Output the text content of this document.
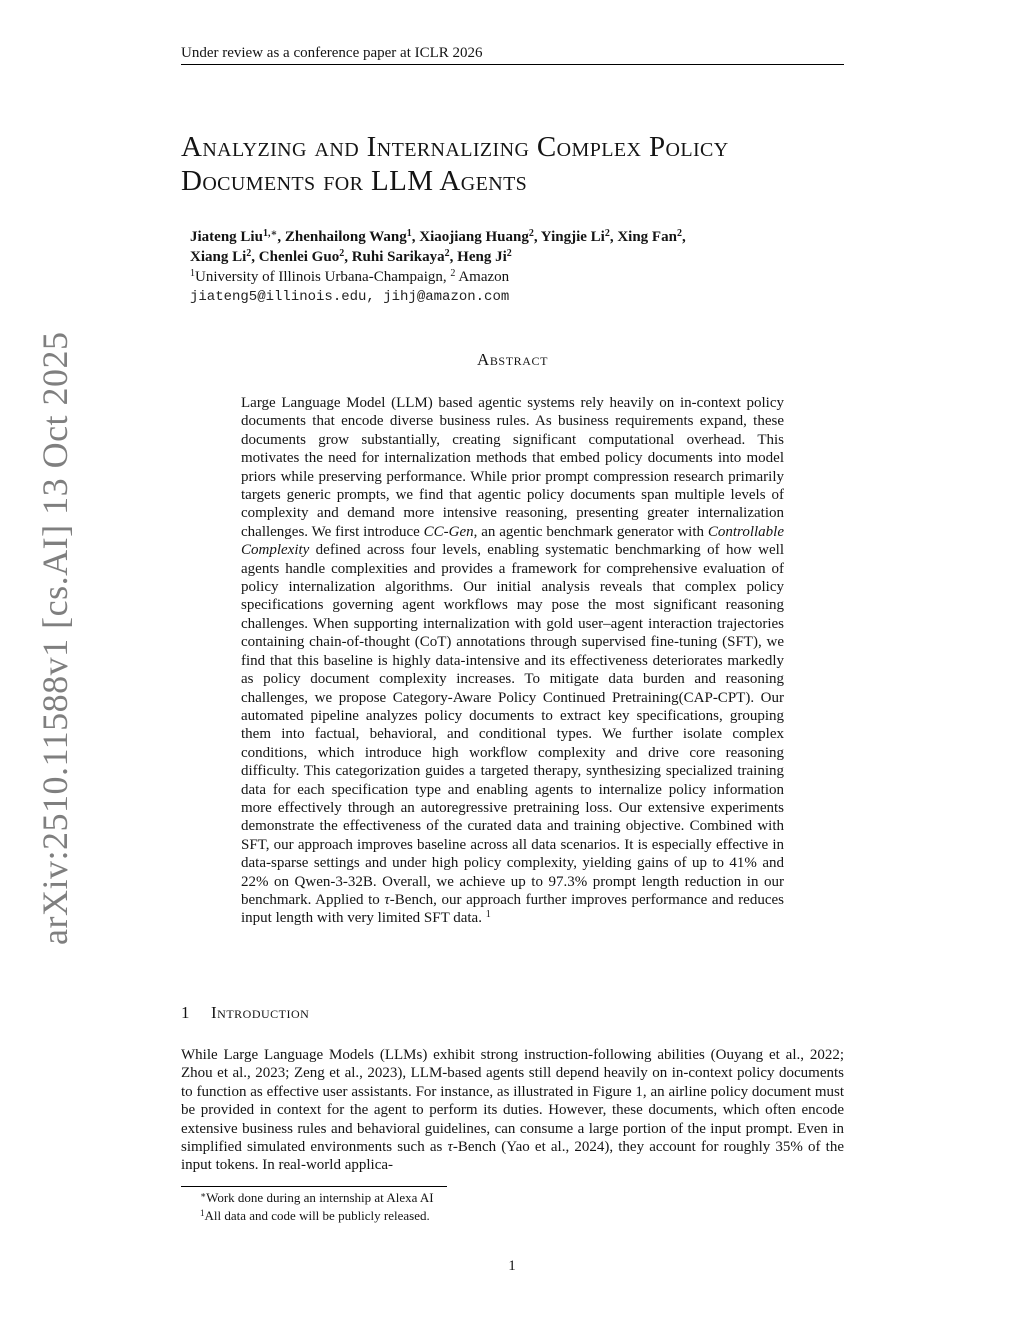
Under review as a conference paper at ICLR 2026
Analyzing and Internalizing Complex Policy
Documents for LLM Agents
Jiateng Liu$^{1,∗}$, Zhenhailong Wang$^1$, Xiaojiang Huang$^2$, Yingjie Li$^2$, Xing Fan$^2$,
Xiang Li$^2$, Chenlei Guo$^2$, Ruhi Sarikaya$^2$, Heng Ji$^2$
$^1$University of Illinois Urbana-Champaign, $^2$ Amazon
jiateng5@illinois.edu, jihj@amazon.com
Abstract
Large Language Model (LLM) based agentic systems rely heavily on in-context policy documents that encode diverse business rules. As business requirements expand, these documents grow substantially, creating significant computational overhead. This motivates the need for internalization methods that embed policy documents into model priors while preserving performance. While prior prompt compression research primarily targets generic prompts, we find that agentic policy documents span multiple levels of complexity and demand more intensive reasoning, presenting greater internalization challenges. We first introduce CC-Gen, an agentic benchmark generator with Controllable Complexity defined across four levels, enabling systematic benchmarking of how well agents handle complexities and provides a framework for comprehensive evaluation of policy internalization algorithms. Our initial analysis reveals that complex policy specifications governing agent workflows may pose the most significant reasoning challenges. When supporting internalization with gold user–agent interaction trajectories containing chain-of-thought (CoT) annotations through supervised fine-tuning (SFT), we find that this baseline is highly data-intensive and its effectiveness deteriorates markedly as policy document complexity increases. To mitigate data burden and reasoning challenges, we propose Category-Aware Policy Continued Pretraining(CAP-CPT). Our automated pipeline analyzes policy documents to extract key specifications, grouping them into factual, behavioral, and conditional types. We further isolate complex conditions, which introduce high workflow complexity and drive core reasoning difficulty. This categorization guides a targeted therapy, synthesizing specialized training data for each specification type and enabling agents to internalize policy information more effectively through an autoregressive pretraining loss. Our extensive experiments demonstrate the effectiveness of the curated data and training objective. Combined with SFT, our approach improves baseline across all data scenarios. It is especially effective in data-sparse settings and under high policy complexity, yielding gains of up to 41% and 22% on Qwen-3-32B. Overall, we achieve up to 97.3% prompt length reduction in our benchmark. Applied to τ-Bench, our approach further improves performance and reduces input length with very limited SFT data. $^1$
arXiv:2510.11588v1 [cs.AI] 13 Oct 2025
1 Introduction
While Large Language Models (LLMs) exhibit strong instruction-following abilities (Ouyang et al., 2022; Zhou et al., 2023; Zeng et al., 2023), LLM-based agents still depend heavily on in-context policy documents to function as effective user assistants. For instance, as illustrated in Figure 1, an airline policy document must be provided in context for the agent to perform its duties. However, these documents, which often encode extensive business rules and behavioral guidelines, can consume a large portion of the input prompt. Even in simplified simulated environments such as τ-Bench (Yao et al., 2024), they account for roughly 35% of the input tokens. In real-world applica-
∗Work done during an internship at Alexa AI
$^1$All data and code will be publicly released.
1
